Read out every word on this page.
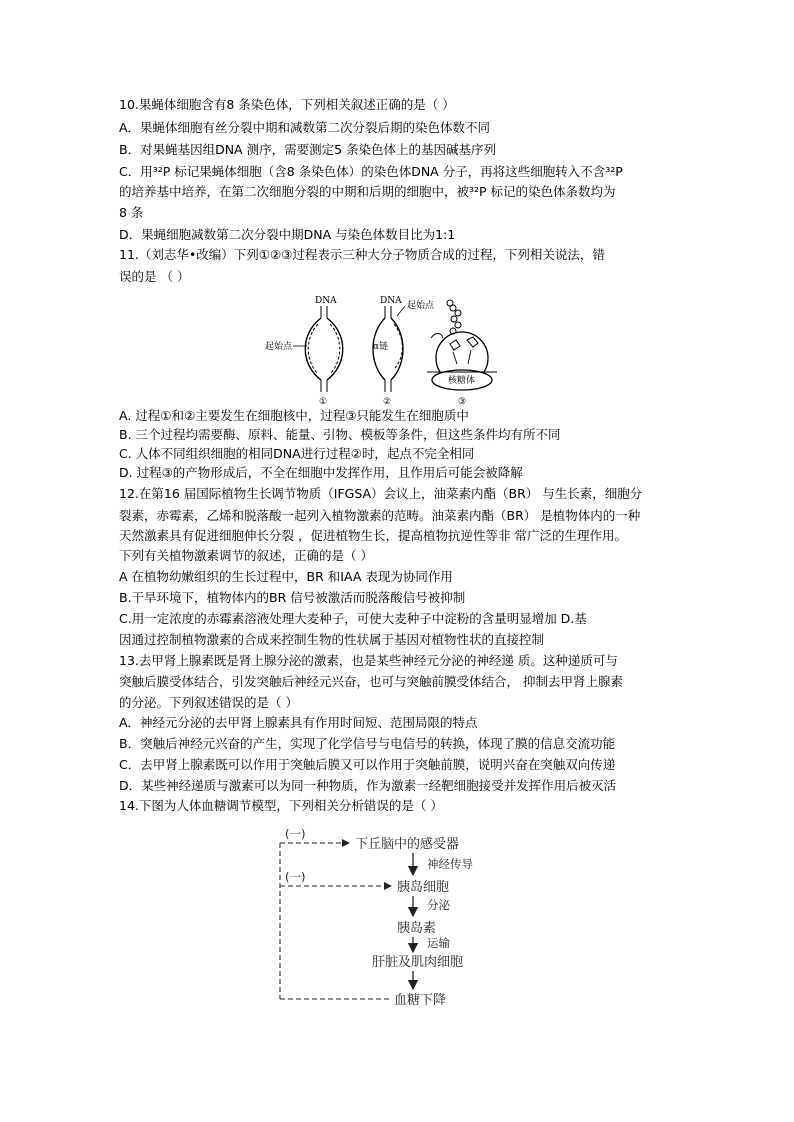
10.果蝇体细胞含有8 条染色体，下列相关叙述正确的是（ ）
A．果蝇体细胞有丝分裂中期和减数第二次分裂后期的染色体数不同
B．对果蝇基因组DNA 测序，需要测定5 条染色体上的基因碱基序列
C．用³²P 标记果蝇体细胞（含8 条染色体）的染色体DNA 分子，再将这些细胞转入不含³²P
的培养基中培养，在第二次细胞分裂的中期和后期的细胞中，被³²P 标记的染色体条数均为
8 条
D．果蝇细胞减数第二次分裂中期DNA 与染色体数目比为1:1
11.（刘志华•改编）下列①②③过程表示三种大分子物质合成的过程，下列相关说法，错
误的是 （ ）
A. 过程①和②主要发生在细胞核中，过程③只能发生在细胞质中
B. 三个过程均需要酶、原料、能量、引物、模板等条件，但这些条件均有所不同
C. 人体不同组织细胞的相同DNA进行过程②时，起点不完全相同
D. 过程③的产物形成后，不全在细胞中发挥作用，且作用后可能会被降解
12.在第16 届国际植物生长调节物质（IFGSA）会议上，油菜素内酯（BR） 与生长素，细胞分
裂素，赤霉素，乙烯和脱落酸一起列入植物激素的范畴。油菜素内酯（BR） 是植物体内的一种
天然激素具有促进细胞伸长分裂 ，促进植物生长，提高植物抗逆性等非 常广泛的生理作用。
下列有关植物激素调节的叙述，正确的是（ ）
A 在植物幼嫩组织的生长过程中，BR 和IAA 表现为协同作用
B.干旱环境下，植物体内的BR 信号被激活而脱落酸信号被抑制
C.用一定浓度的赤霉素溶液处理大麦种子，可使大麦种子中淀粉的含量明显增加 D.基
因通过控制植物激素的合成来控制生物的性状属于基因对植物性状的直接控制
13.去甲肾上腺素既是肾上腺分泌的激素，也是某些神经元分泌的神经递 质。这种递质可与
突触后膜受体结合，引发突触后神经元兴奋，也可与突触前膜受体结合， 抑制去甲肾上腺素
的分泌。下列叙述错误的是（ ）
A．神经元分泌的去甲肾上腺素具有作用时间短、范围局限的特点
B．突触后神经元兴奋的产生，实现了化学信号与电信号的转换，体现了膜的信息交流功能
C．去甲肾上腺素既可以作用于突触后膜又可以作用于突触前膜，说明兴奋在突触双向传递
D．某些神经递质与激素可以为同一种物质，作为激素一经靶细胞接受并发挥作用后被灭活
14.下图为人体血糖调节模型，下列相关分析错误的是（ ）
DNA
起始点
①
DNA 起始点
α链
②
核糖体
③
下丘脑中的感受器
胰岛细胞
胰岛素
肝脏及肌肉细胞
血糖下降
神经传导
分泌
运输
(一)
(一)
